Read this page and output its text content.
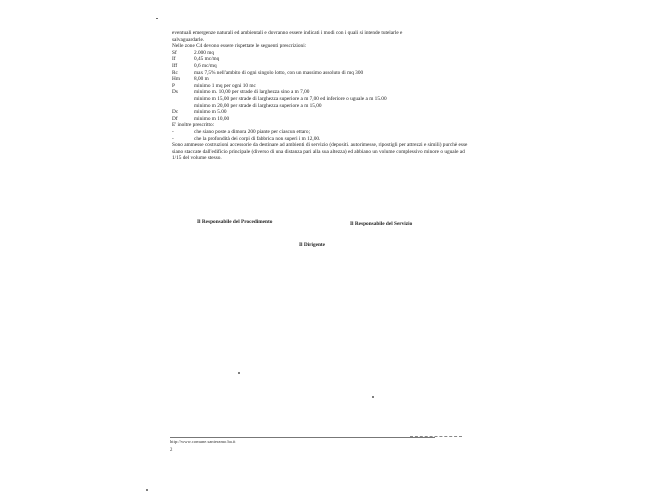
eventuali emergenze naturali ed ambientali e dovranno essere indicati i modi con i quali si intende tutelarle e
salvaguardarle.
Nelle zone C4 devono essere rispettate le seguenti prescrizioni:
Sf	2.000 mq
If	0,45 mc/mq
Iff	0,6 mc/mq
Rc	max 7,5% nell'ambito di ogni singolo lotto, con un massimo assoluto di mq 300
Hm	8,00 m
P	minimo 1 mq per ogni 10 mc
Ds	minimo m. 10,00 per strade di larghezza sino a m 7,00
minimo m 15,00 per strade di larghezza superiore a m 7,00 ed inferiore o uguale a m 15.00
minimo m 20,00 per strade di larghezza superiore a m 15,00
Dc	minimo m 5.00
Df	minimo m 10,00
E' inoltre prescritto:
-	che siano poste a dimora 200 piante per ciascun ettaro;
-	che la profondità dei corpi di fabbrica non superi i m 12,00.
Sono ammesse costruzioni accessorie da destinare ad ambienti di servizio (depositi. autorimesse, ripostigli per attrezzi e simili) purchè esse siano staccate dall'edificio principale (diverso di una distanza pari alla sua altezza) ed abbiano un volume complessivo minore o uguale ad 1/15 del volume stesso.
Il Responsabile del Procedimento	Il Responsabile del Servizio
Il Dirigente
http://www.comune.santeramo.ba.it
2
